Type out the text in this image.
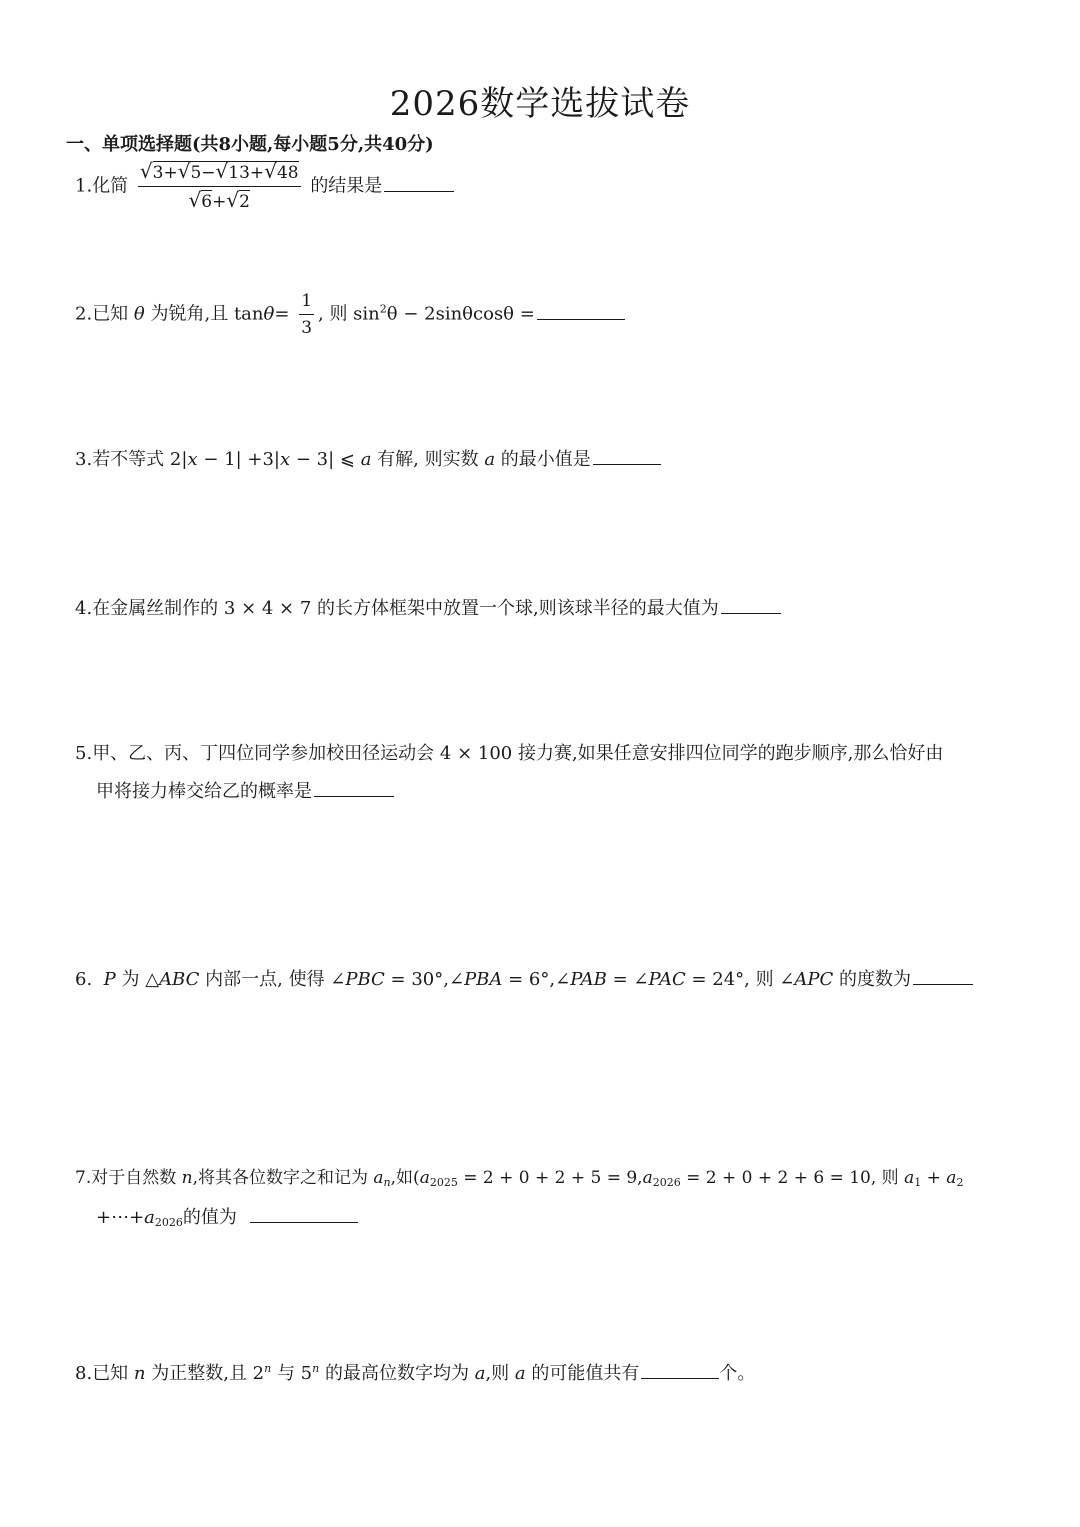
2026数学选拔试卷
一、单项选择题(共8小题,每小题5分,共40分)
1.化简 $\frac{√3+√5-√13+√48}{√6+√2}$ 的结果是
2.已知 θ 为锐角,且 $\tan\theta= \frac{1}{3}$ , 则 $\sin^2\theta - 2\sin\theta\cos\theta$ =
3.若不等式 2|x − 1| +3|x − 3| ⩽ a 有解, 则实数 a 的最小值是
4.在金属丝制作的 3 × 4 × 7 的长方体框架中放置一个球,则该球半径的最大值为
5.甲、乙、丙、丁四位同学参加校田径运动会 4 × 100 接力赛,如果任意安排四位同学的跑步顺序,那么恰好由
甲将接力棒交给乙的概率是
6. P 为 △ABC 内部一点, 使得 ∠PBC = 30°,∠PBA = 6°,∠PAB = ∠PAC = 24°, 则 ∠APC 的度数为
7.对于自然数 n,将其各位数字之和记为 $a_n$,如($a_{2025} = 2 + 0 + 2 + 5 = 9,a_{2026} = 2 + 0 + 2 + 6 = 10$, 则 $a_1 + a_2$
$+\cdots+a_{2026}$的值为
8.已知 n 为正整数,且 2$^n$ 与 5$^n$ 的最高位数字均为 a,则 a 的可能值共有	个。
